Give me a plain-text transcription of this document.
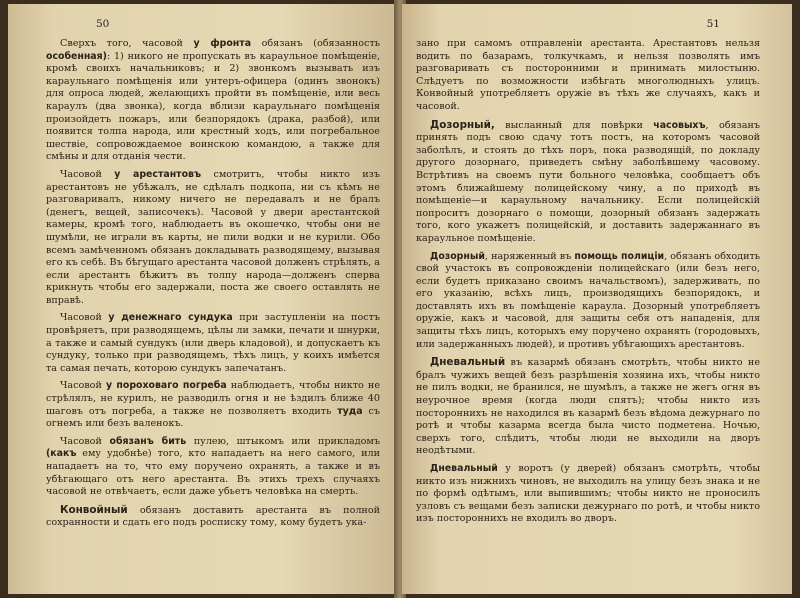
50

Сверхъ того, часовой у фронта обязанъ (обязанность особенная): 1) никого не пропускать въ караульное помѣщеніе, кромѣ своихъ начальниковъ; и 2) звонкомъ вызывать изъ караульнаго помѣщенія или унтеръ-офицера (одинъ звонокъ) для опроса людей, желающихъ пройти въ помѣщеніе, или весь караулъ (два звонка), когда вблизи караульнаго помѣщенія произойдетъ пожаръ, или безпорядокъ (драка, разбой), или появится толпа народа, или крестный ходъ, или погребальное шествіе, сопровождаемое воинскою командою, а также для смѣны и для отданія чести.

Часовой у арестантовъ смотритъ, чтобы никто изъ арестантовъ не убѣжалъ, не сдѣлалъ подкопа, ни съ кѣмъ не разговаривалъ, никому ничего не передавалъ и не бралъ (денегъ, вещей, записочекъ). Часовой у двери арестантской камеры, кромѣ того, наблюдаетъ въ окошечко, чтобы они не шумѣли, не играли въ карты, не пили водки и не курили. Обо всемъ замѣченномъ обязанъ докладывать разводящему, вызывая его къ себѣ. Въ бѣгущаго арестанта часовой долженъ стрѣлять, а если арестантъ бѣжитъ въ толпу народа—долженъ сперва крикнуть чтобы его задержали, поста же своего оставлять не вправѣ.

Часовой у денежнаго сундука при заступленіи на постъ провѣряетъ, при разводящемъ, цѣлы ли замки, печати и шнурки, а также и самый сундукъ (или дверь кладовой), и допускаетъ къ сундуку, только при разводящемъ, тѣхъ лицъ, у коихъ имѣется та самая печать, которою сундукъ запечатанъ.

Часовой у пороховаго погреба наблюдаетъ, чтобы никто не стрѣлялъ, не курилъ, не разводилъ огня и не ѣздилъ ближе 40 шаговъ отъ погреба, а также не позволяетъ входить туда съ огнемъ или безъ валенокъ.

Часовой обязанъ бить пулею, штыкомъ или прикладомъ (какъ ему удобнѣе) того, кто нападаетъ на него самого, или нападаетъ на то, что ему поручено охранять, а также и въ убѣгающаго отъ него арестанта. Въ этихъ трехъ случаяхъ часовой не отвѣчаетъ, если даже убьетъ человѣка на смерть.

Конвойный обязанъ доставить арестанта въ полной сохранности и сдать его подъ росписку тому, кому будетъ ука-

51

зано при самомъ отправленіи арестанта. Арестантовъ нельзя водить по базарамъ, толкучкамъ, и нельзя позволять имъ разговаривать съ посторонними и принимать милостыню. Слѣдуетъ по возможности избѣгать многолюдныхъ улицъ. Конвойный употребляетъ оружіе въ тѣхъ же случаяхъ, какъ и часовой.

Дозорный, высланный для повѣрки часовыхъ, обязанъ принять подъ свою сдачу тотъ постъ, на которомъ часовой заболѣлъ, и стоять до тѣхъ поръ, пока разводящій, по докладу другого дозорнаго, приведетъ смѣну заболѣвшему часовому. Встрѣтивъ на своемъ пути больного человѣка, сообщаетъ объ этомъ ближайшему полицейскому чину, а по приходѣ въ помѣщеніе—и караульному начальнику. Если полицейскій попроситъ дозорнаго о помощи, дозорный обязанъ задержать того, кого укажетъ полицейскій, и доставить задержаннаго въ караульное помѣщеніе.

Дозорный, наряженный въ помощь полиціи, обязанъ обходить свой участокъ въ сопровожденіи полицейскаго (или безъ него, если будетъ приказано своимъ начальствомъ), задерживать, по его указанію, всѣхъ лицъ, производящихъ безпорядокъ, и доставлять ихъ въ помѣщеніе караула. Дозорный употребляетъ оружіе, какъ и часовой, для защиты себя отъ нападенія, для защиты тѣхъ лицъ, которыхъ ему поручено охранять (городовыхъ, или задержанныхъ людей), и противъ убѣгающихъ арестантовъ.

Дневальный въ казармѣ обязанъ смотрѣть, чтобы никто не бралъ чужихъ вещей безъ разрѣшенія хозяина ихъ, чтобы никто не пилъ водки, не бранился, не шумѣлъ, а также не жегъ огня въ неурочное время (когда люди спятъ); чтобы никто изъ постороннихъ не находился въ казармѣ безъ вѣдома дежурнаго по ротѣ и чтобы казарма всегда была чисто подметена. Ночью, сверхъ того, слѣдитъ, чтобы люди не выходили на дворъ неодѣтыми.

Дневальный у воротъ (у дверей) обязанъ смотрѣть, чтобы никто изъ нижнихъ чиновъ, не выходилъ на улицу безъ знака и не по формѣ одѣтымъ, или выпившимъ; чтобы никто не проносилъ узловъ съ вещами безъ записки дежурнаго по ротѣ, и чтобы никто изъ постороннихъ не входилъ во дворъ.
